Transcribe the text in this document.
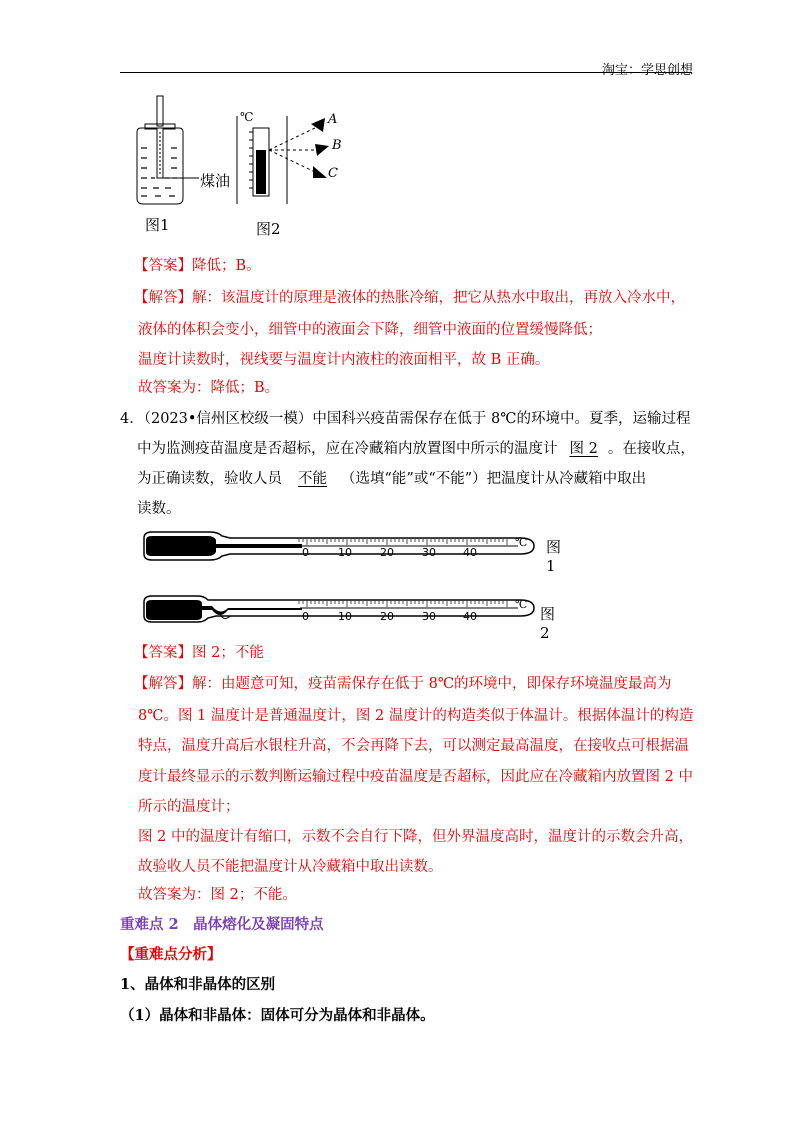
淘宝：学思创想
℃
煤油
A
B
C
图1	图2
【答案】降低；B。
【解答】解：该温度计的原理是液体的热胀冷缩，把它从热水中取出，再放入冷水中，
液体的体积会变小，细管中的液面会下降，细管中液面的位置缓慢降低；
温度计读数时，视线要与温度计内液柱的液面相平，故 B 正确。
故答案为：降低；B。
4．（2023•信州区校级一模）中国科兴疫苗需保存在低于 8℃的环境中。夏季，运输过程
中为监测疫苗温度是否超标，应在冷藏箱内放置图中所示的温度计 图 2 。在接收点，
为正确读数，验收人员 不能 （选填“能”或“不能”）把温度计从冷藏箱中取出
读数。
0	10	20	30 40
℃ 图1
0	10	20	30 40
℃
图2
【答案】图 2；不能
【解答】解：由题意可知，疫苗需保存在低于 8℃的环境中，即保存环境温度最高为
8℃。图 1 温度计是普通温度计，图 2 温度计的构造类似于体温计。根据体温计的构造
特点，温度升高后水银柱升高，不会再降下去，可以测定最高温度，在接收点可根据温
度计最终显示的示数判断运输过程中疫苗温度是否超标，因此应在冷藏箱内放置图 2 中
所示的温度计；
图 2 中的温度计有缩口，示数不会自行下降，但外界温度高时，温度计的示数会升高，
故验收人员不能把温度计从冷藏箱中取出读数。
故答案为：图 2；不能。
重难点 2　晶体熔化及凝固特点
【重难点分析】
1、晶体和非晶体的区别
（1）晶体和非晶体：固体可分为晶体和非晶体。
